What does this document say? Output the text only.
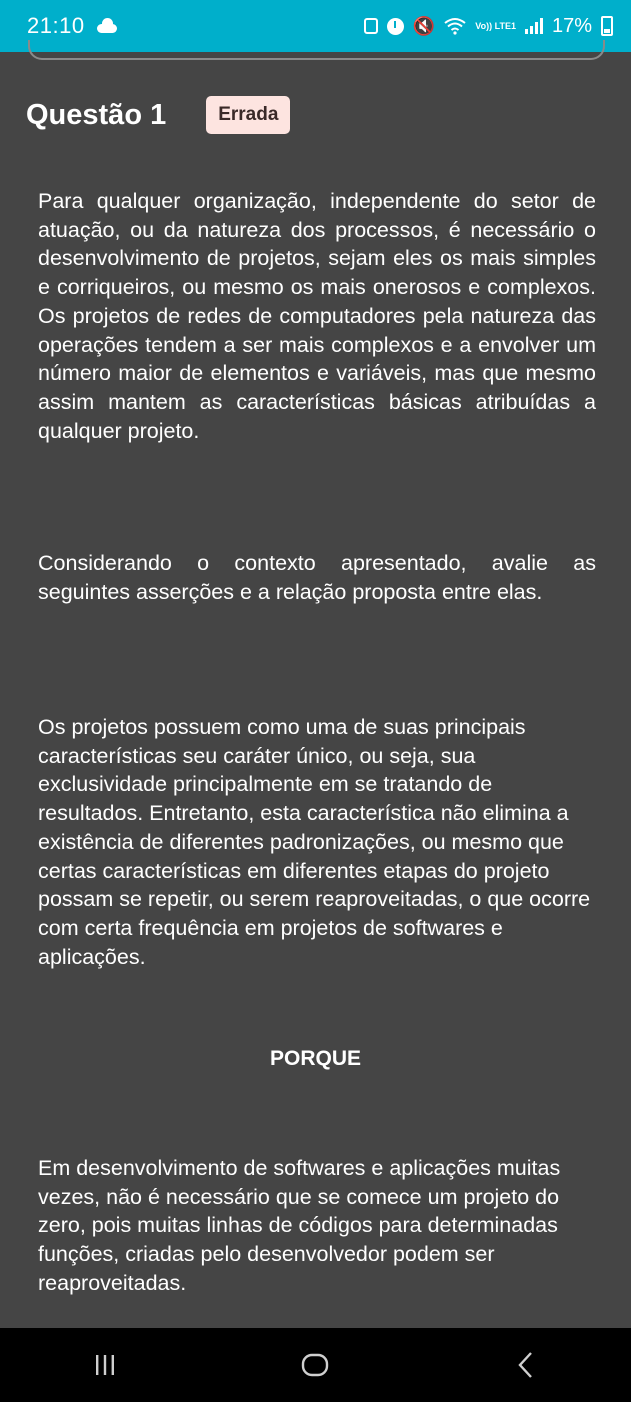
21:10	🔇	Vo)) LTE1 17%
Questão 1	Errada

Para qualquer organização, independente do setor de atuação, ou da natureza dos processos, é necessário o desenvolvimento de projetos, sejam eles os mais simples e corriqueiros, ou mesmo os mais onerosos e complexos. Os projetos de redes de computadores pela natureza das operações tendem a ser mais complexos e a envolver um número maior de elementos e variáveis, mas que mesmo assim mantem as características básicas atribuídas a qualquer projeto.

Considerando o contexto apresentado, avalie as seguintes asserções e a relação proposta entre elas.

Os projetos possuem como uma de suas principais características seu caráter único, ou seja, sua exclusividade principalmente em se tratando de resultados. Entretanto, esta característica não elimina a existência de diferentes padronizações, ou mesmo que certas características em diferentes etapas do projeto possam se repetir, ou serem reaproveitadas, o que ocorre com certa frequência em projetos de softwares e aplicações.

PORQUE

Em desenvolvimento de softwares e aplicações muitas vezes, não é necessário que se comece um projeto do zero, pois muitas linhas de códigos para determinadas funções, criadas pelo desenvolvedor podem ser reaproveitadas.
